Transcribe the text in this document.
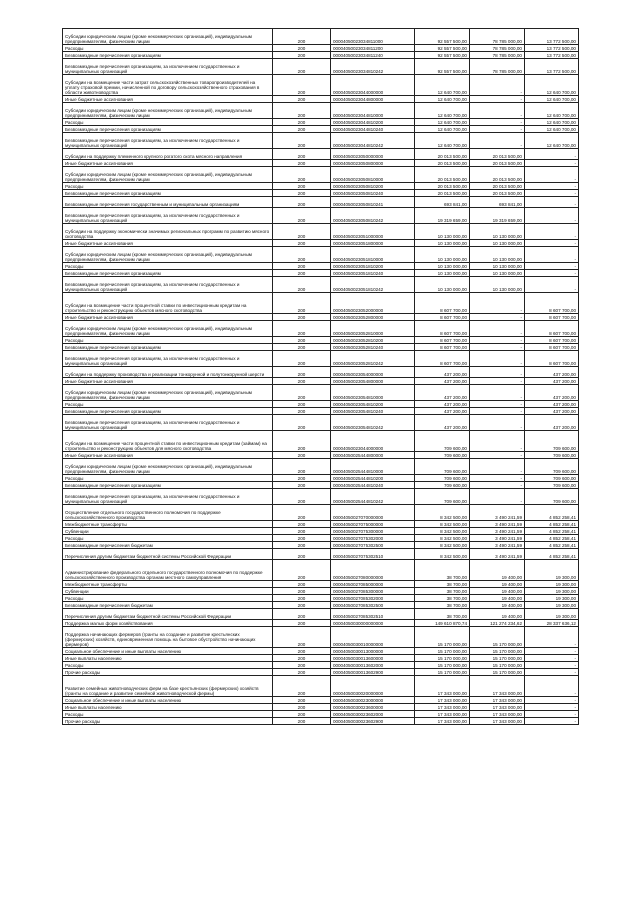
Субсидии юридическим лицам (кроме некоммерческих организаций), индивидуальным предпринимателям, физическим лицам	200	00004050023034811000	92 557 500,00	78 785 000,00	13 772 500,00
Расходы	200	00004050023034811200	92 557 500,00	78 785 000,00	13 772 500,00
Безвозмездные перечисления организациям	200	00004050023034811240	92 557 500,00	78 785 000,00	13 772 500,00
Безвозмездные перечисления организациям, за исключением государственных и муниципальных организаций	200	00004050023034810242	92 557 500,00	78 785 000,00	13 772 500,00
Субсидии на возмещение части затрат сельскохозяйственных товаропроизводителей на уплату страховой премии, начисленной по договору сельскохозяйственного страхования в области животноводства	200	00004050023044000000	12 640 700,00	-	12 640 700,00
Иные бюджетные ассигнования	200	00004050023044800000	12 640 700,00	-	12 640 700,00
Субсидии юридическим лицам (кроме некоммерческих организаций), индивидуальным предпринимателям, физическим лицам	200	00004050023044810000	12 640 700,00	-	12 640 700,00
Расходы	200	00004050023044810200	12 640 700,00	-	12 640 700,00
Безвозмездные перечисления организациям	200	00004050023044810240	12 640 700,00	-	12 640 700,00
Безвозмездные перечисления организациям, за исключением государственных и муниципальных организаций	200	00004050023044810242	12 640 700,00	-	12 640 700,00
Субсидии на поддержку племенного крупного рогатого скота мясного направления	200	00004050023050000000	20 013 500,00	20 013 500,00	-
Иные бюджетные ассигнования	200	00004050023050800000	20 013 500,00	20 013 500,00	-
Субсидии юридическим лицам (кроме некоммерческих организаций), индивидуальным предпринимателям, физическим лицам	200	00004050023050810000	20 013 500,00	20 013 500,00	-
Расходы	200	00004050023050810200	20 013 500,00	20 013 500,00	-
Безвозмездные перечисления организациям	200	00004050023050810240	20 013 500,00	20 013 500,00	-
Безвозмездные перечисления государственным и муниципальным организациям	200	00004050023050810241	693 841,00	693 841,00	-
Безвозмездные перечисления организациям, за исключением государственных и муниципальных организаций	200	00004050023050810242	19 319 659,00	19 319 659,00	-
Субсидии на поддержку экономически значимых региональных программ по развитию мясного скотоводства	200	00004050023051000000	10 130 000,00	10 130 000,00	-
Иные бюджетные ассигнования	200	00004050023051800000	10 130 000,00	10 130 000,00	-
Субсидии юридическим лицам (кроме некоммерческих организаций), индивидуальным предпринимателям, физическим лицам	200	00004050023051810000	10 130 000,00	10 130 000,00	-
Расходы	200	00004050023051810200	10 130 000,00	10 130 000,00	-
Безвозмездные перечисления организациям	200	00004050023051810240	10 130 000,00	10 130 000,00	-
Безвозмездные перечисления организациям, за исключением государственных и муниципальных организаций	200	00004050023051810242	10 130 000,00	10 130 000,00	-
Субсидии на возмещение части процентной ставки по инвестиционным кредитам на строительство и реконструкцию объектов мясного скотоводства	200	00004050023052000000	8 607 700,00	-	8 607 700,00
Иные бюджетные ассигнования	200	00004050023052800000	8 607 700,00	-	8 607 700,00
Субсидии юридическим лицам (кроме некоммерческих организаций), индивидуальным предпринимателям, физическим лицам	200	00004050023052810000	8 607 700,00	-	8 607 700,00
Расходы	200	00004050023052810200	8 607 700,00	-	8 607 700,00
Безвозмездные перечисления организациям	200	00004050023052810240	8 607 700,00	-	8 607 700,00
Безвозмездные перечисления организациям, за исключением государственных и муниципальных организаций	200	00004050023052810242	8 607 700,00	-	8 607 700,00
Субсидии на поддержку производства и реализации тонкорунной и полутонкорунной шерсти	200	00004050023054000000	437 200,00	-	437 200,00
Иные бюджетные ассигнования	200	00004050023054800000	437 200,00	-	437 200,00
Субсидии юридическим лицам (кроме некоммерческих организаций), индивидуальным предпринимателям, физическим лицам	200	00004050023054810000	437 200,00	-	437 200,00
Расходы	200	00004050023054810200	437 200,00	-	437 200,00
Безвозмездные перечисления организациям	200	00004050023054810240	437 200,00	-	437 200,00
Безвозмездные перечисления организациям, за исключением государственных и муниципальных организаций	200	00004050023054810242	437 200,00	-	437 200,00
Субсидии на возмещение части процентной ставки по инвестиционным кредитам (займам) на строительство и реконструкцию объектов для мясного скотоводства	200	00004050023044000000	709 600,00	-	709 600,00
Иные бюджетные ассигнования	200	00004050025444800000	709 600,00	-	709 600,00
Субсидии юридическим лицам (кроме некоммерческих организаций), индивидуальным предпринимателям, физическим лицам	200	00004050025444810000	709 600,00	-	709 600,00
Расходы	200	00004050025444810200	709 600,00	-	709 600,00
Безвозмездные перечисления организациям	200	00004050025444810240	709 600,00	-	709 600,00
Безвозмездные перечисления организациям, за исключением государственных и муниципальных организаций	200	00004050025444810242	709 600,00	-	709 600,00
Осуществление отдельного государственного полномочия по поддержке сельскохозяйственного производства	200	00004050027070000000	8 342 500,00	3 490 241,59	4 852 258,41
Межбюджетные трансферты	200	00004050027075000000	8 342 500,00	3 490 241,59	4 852 258,41
Субвенции	200	00004050027075300000	8 342 500,00	3 490 241,59	4 852 258,41
Расходы	200	00004050027075302000	8 342 500,00	3 490 241,59	4 852 258,41
Безвозмездные перечисления бюджетам	200	00004050027075302500	8 342 500,00	3 490 241,59	4 852 258,41
Перечисления другим бюджетам бюджетной системы Российской Федерации	200	00004050027075302510	8 342 500,00	3 490 241,59	4 852 258,41
Администрирование федерального отдельного государственного полномочия по поддержке сельскохозяйственного производства органам местного самоуправления	200	00004050027080000000	38 700,00	19 400,00	19 300,00
Межбюджетные трансферты	200	00004050027085000000	38 700,00	19 400,00	19 300,00
Субвенции	200	00004050027085300000	38 700,00	19 400,00	19 300,00
Расходы	200	00004050027085302000	38 700,00	19 400,00	19 300,00
Безвозмездные перечисления бюджетам	200	00004050027085302500	38 700,00	19 400,00	19 300,00
Перечисления другим бюджетам бюджетной системы Российской Федерации	200	00004050027085302510	38 700,00	19 400,00	19 300,00
Поддержка малых форм хозяйствования	200	00004050030000000000	149 610 870,74	121 274 234,62	28 337 636,12
Поддержка начинающих фермеров (гранты на создание и развитие крестьянских (фермерских) хозяйств, единовременная помощь на бытовое обустройство начинающих фермеров)	200	00004050030010000000	15 170 000,00	15 170 000,00	-
Социальное обеспечение и иные выплаты населению	200	00004050030013000000	15 170 000,00	15 170 000,00	-
Иные выплаты населению	200	00004050030013600000	15 170 000,00	15 170 000,00	-
Расходы	200	00004050030013602000	15 170 000,00	15 170 000,00	-
Прочие расходы	200	00004050030013602900	15 170 000,00	15 170 000,00	-
Развитие семейных животноводческих ферм на базе крестьянских (фермерских) хозяйств (гранты на создание и развитие семейной животноводческой фермы)	200	00004050030020000000	17 343 000,00	17 343 000,00	-
Социальное обеспечение и иные выплаты населению	200	00004050030023000000	17 343 000,00	17 343 000,00	-
Иные выплаты населению	200	00004050030023600000	17 343 000,00	17 343 000,00	-
Расходы	200	00004050030023602000	17 343 000,00	17 343 000,00	-
Прочие расходы	200	00004050030023602900	17 343 000,00	17 343 000,00	-
